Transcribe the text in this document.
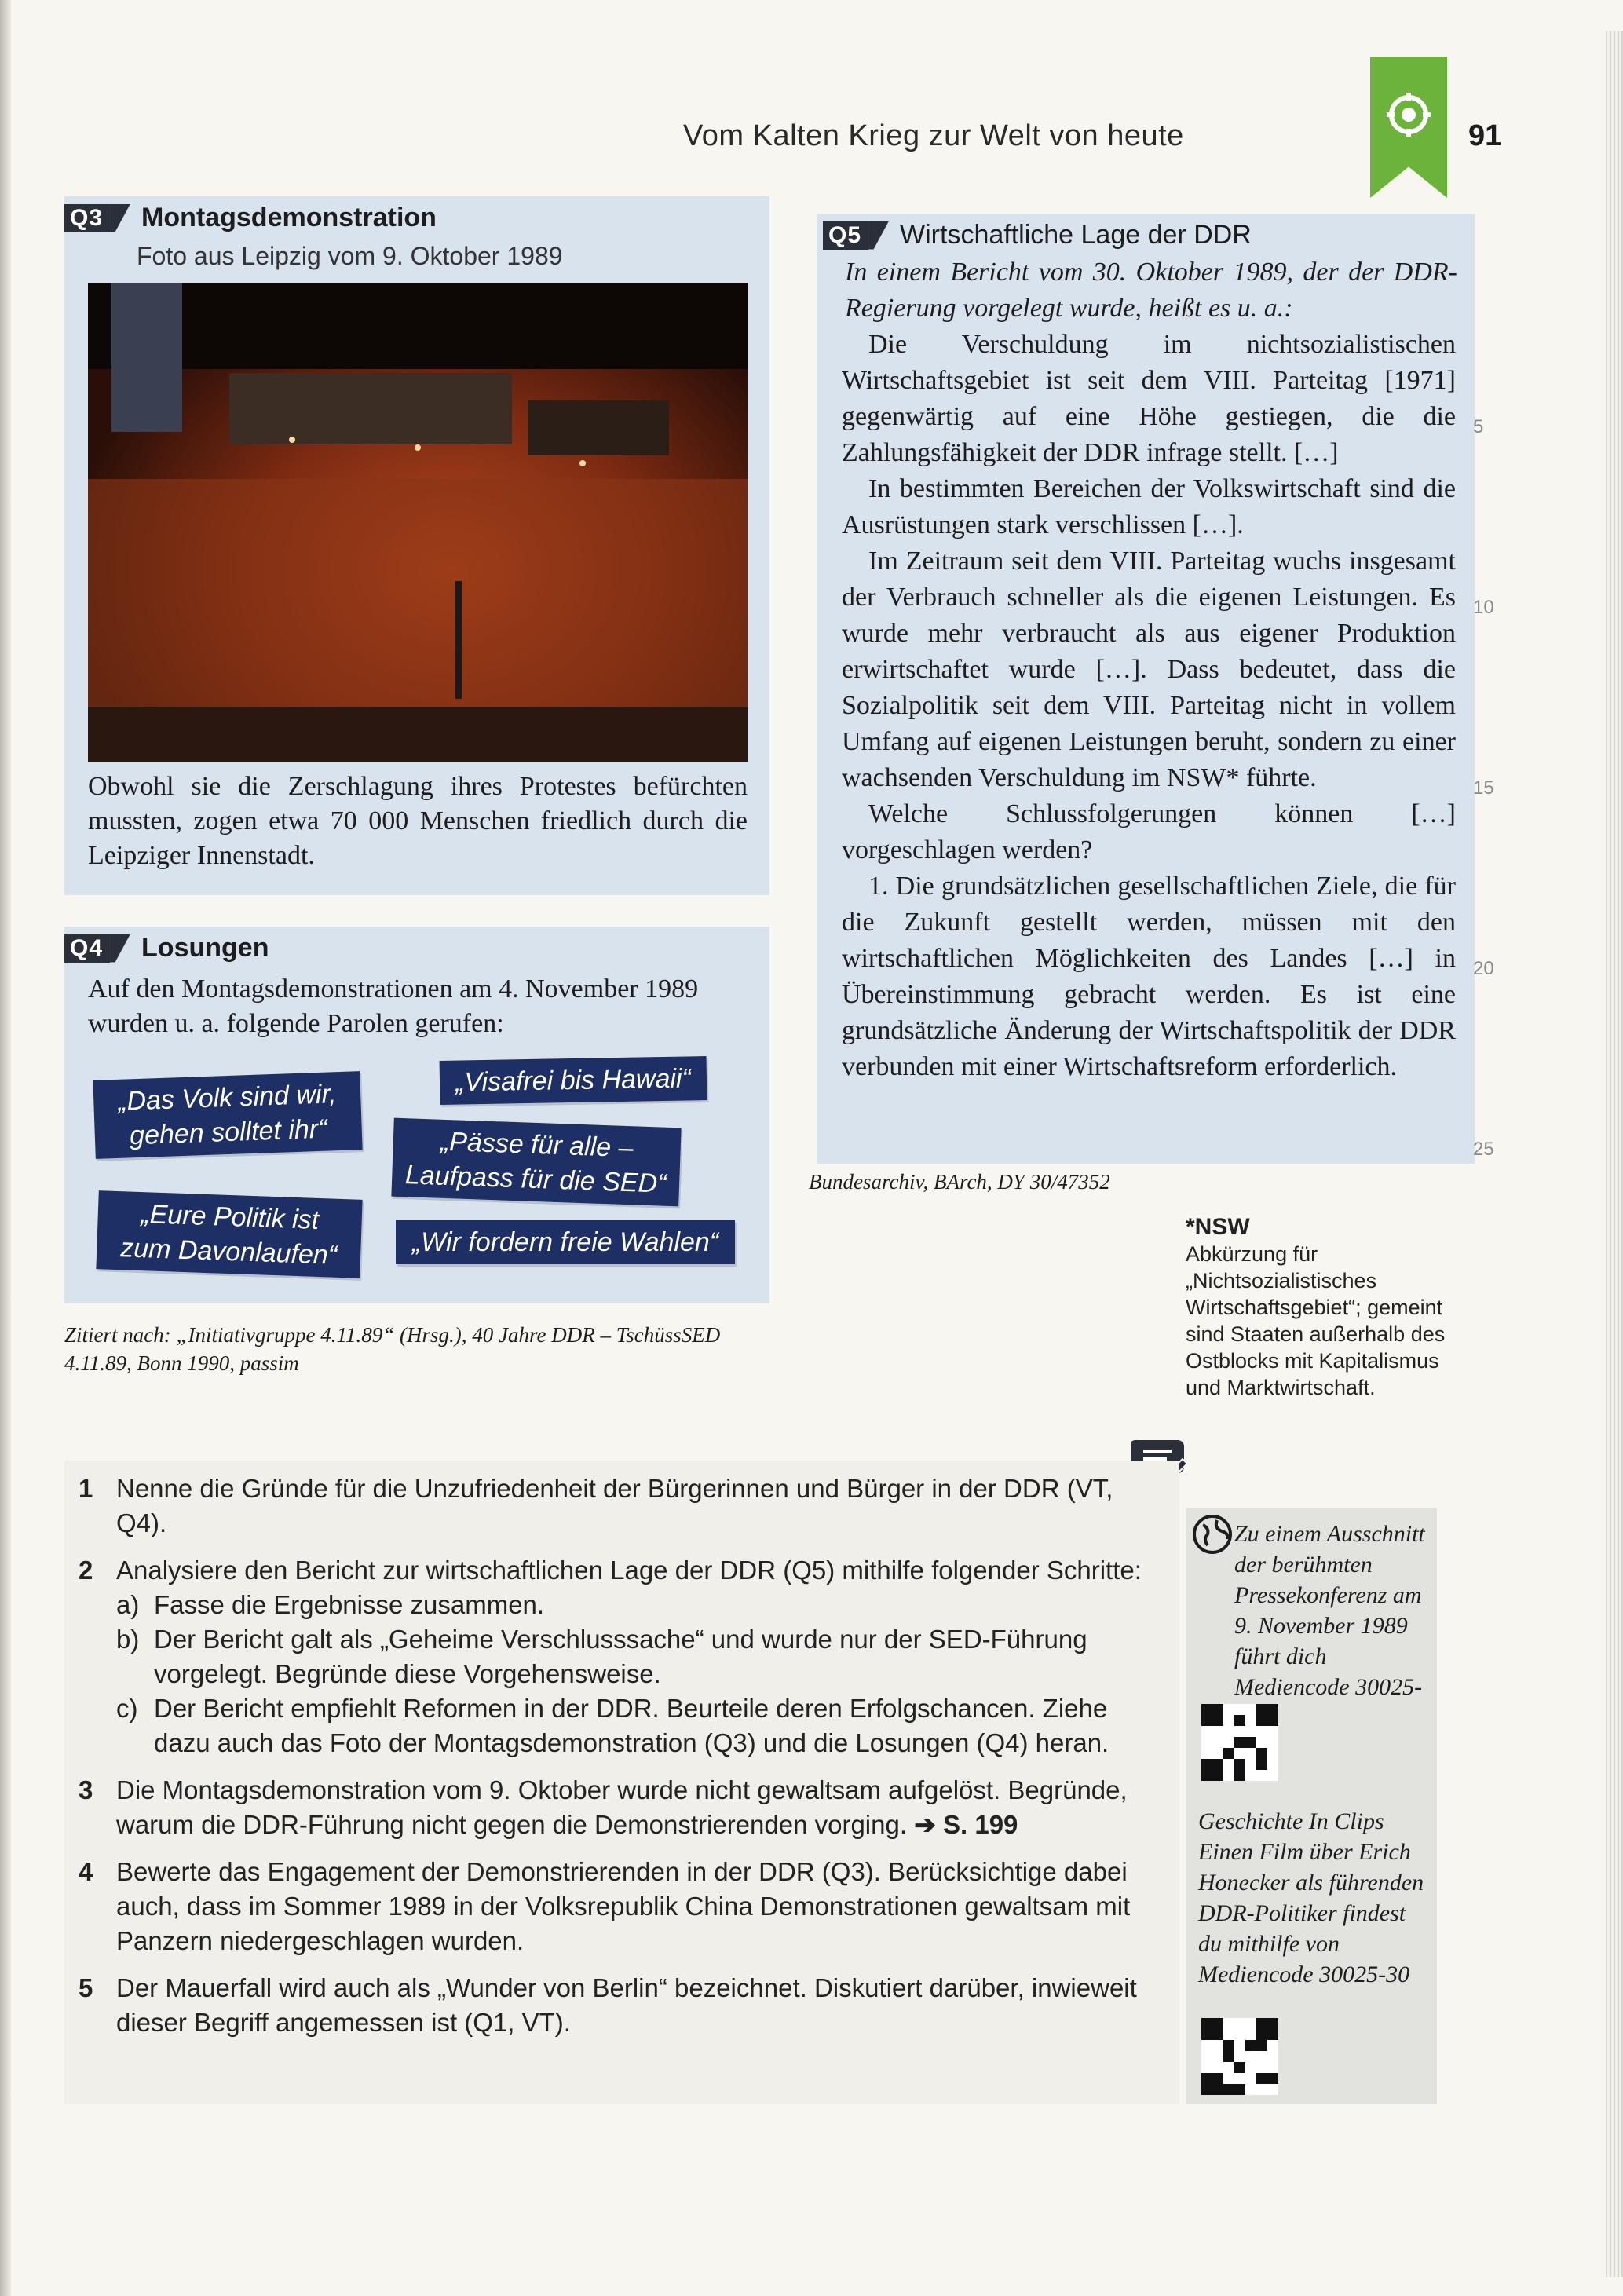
Vom Kalten Krieg zur Welt von heute	91
Q3 Montagsdemonstration
Foto aus Leipzig vom 9. Oktober 1989
Obwohl sie die Zerschlagung ihres Protestes befürchten mussten, zogen etwa 70 000 Menschen friedlich durch die Leipziger Innenstadt.
Q4 Losungen
Auf den Montagsdemonstrationen am 4. November 1989 wurden u. a. folgende Parolen gerufen:
„Das Volk sind wir,
gehen solltet ihr“
„Visafrei bis Hawaii“
„Pässe für alle –
Laufpass für die SED“
„Eure Politik ist
zum Davonlaufen“	„Wir fordern freie Wahlen“
Zitiert nach: „Initiativgruppe 4.11.89“ (Hrsg.), 40 Jahre DDR – TschüssSED 4.11.89, Bonn 1990, passim
Q5 Wirtschaftliche Lage der DDR
In einem Bericht vom 30. Oktober 1989, der der DDR-Regierung vorgelegt wurde, heißt es u. a.:

Die Verschuldung im nichtsozialistischen Wirtschaftsgebiet ist seit dem VIII. Parteitag [1971] gegenwärtig auf eine Höhe gestiegen, die die Zahlungsfähigkeit der DDR infrage stellt. […]

In bestimmten Bereichen der Volkswirtschaft sind die Ausrüstungen stark verschlissen […].

Im Zeitraum seit dem VIII. Parteitag wuchs insgesamt der Verbrauch schneller als die eigenen Leistungen. Es wurde mehr verbraucht als aus eigener Produktion erwirtschaftet wurde […]. Dass bedeutet, dass die Sozialpolitik seit dem VIII. Parteitag nicht in vollem Umfang auf eigenen Leistungen beruht, sondern zu einer wachsenden Verschuldung im NSW* führte.

Welche Schlussfolgerungen können […] vorgeschlagen werden?

1. Die grundsätzlichen gesellschaftlichen Ziele, die für die Zukunft gestellt werden, müssen mit den wirtschaftlichen Möglichkeiten des Landes […] in Übereinstimmung gebracht werden. Es ist eine grundsätzliche Änderung der Wirtschaftspolitik der DDR verbunden mit einer Wirtschaftsreform erforderlich.

5
10
15
20
25
Bundesarchiv, BArch, DY 30/47352
*NSW
Abkürzung für „Nichtsozialistisches Wirtschaftsgebiet“; gemeint sind Staaten außerhalb des Ostblocks mit Kapitalismus und Marktwirtschaft.
1 Nenne die Gründe für die Unzufriedenheit der Bürgerinnen und Bürger in der DDR (VT, Q4).
2 Analysiere den Bericht zur wirtschaftlichen Lage der DDR (Q5) mithilfe folgender Schritte:
a) Fasse die Ergebnisse zusammen.
b) Der Bericht galt als „Geheime Verschlusssache“ und wurde nur der SED-Führung vorgelegt. Begründe diese Vorgehensweise.
c) Der Bericht empfiehlt Reformen in der DDR. Beurteile deren Erfolgschancen. Ziehe dazu auch das Foto der Montagsdemonstration (Q3) und die Losungen (Q4) heran.
3 Die Montagsdemonstration vom 9. Oktober wurde nicht gewaltsam aufgelöst. Begründe, warum die DDR-Führung nicht gegen die Demonstrierenden vorging. ➔ S. 199
4 Bewerte das Engagement der Demonstrierenden in der DDR (Q3). Berücksichtige dabei auch, dass im Sommer 1989 in der Volksrepublik China Demonstrationen gewaltsam mit Panzern niedergeschlagen wurden.
5 Der Mauerfall wird auch als „Wunder von Berlin“ bezeichnet. Diskutiert darüber, inwieweit dieser Begriff angemessen ist (Q1, VT).
Zu einem Ausschnitt der berühmten Pressekonferenz am 9. November 1989 führt dich Mediencode 30025-
Geschichte In Clips Einen Film über Erich Honecker als führenden DDR-Politiker findest du mithilfe von Mediencode 30025-30
